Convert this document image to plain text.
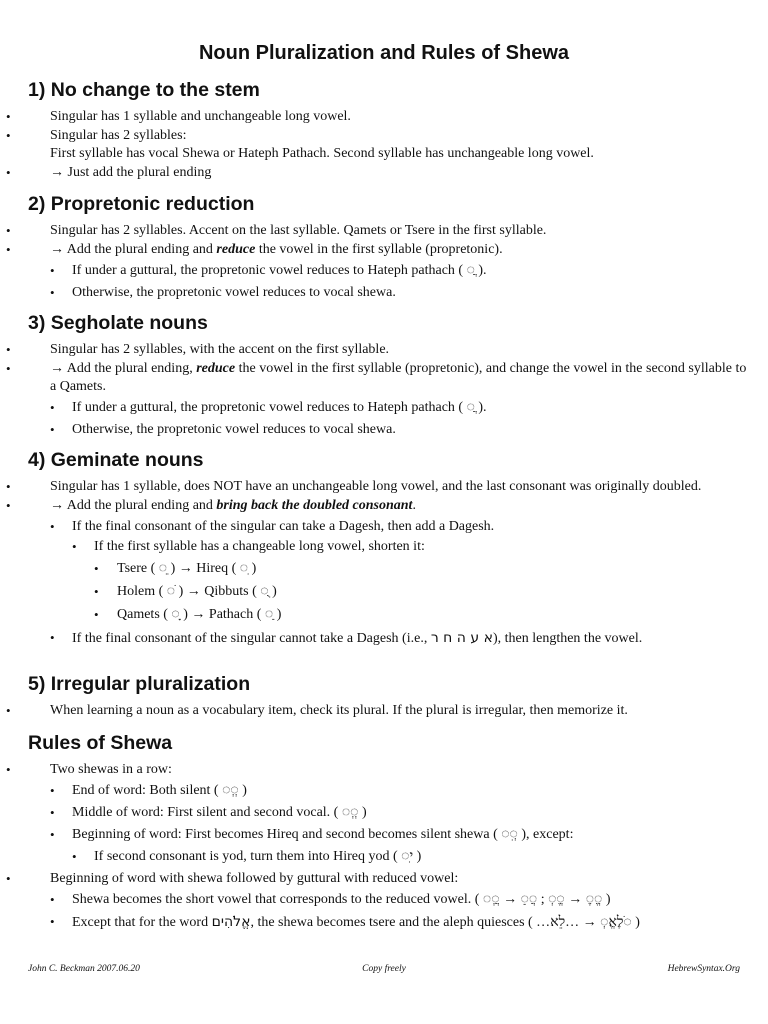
Noun Pluralization and Rules of Shewa
1) No change to the stem
• Singular has 1 syllable and unchangeable long vowel.
• Singular has 2 syllables:
First syllable has vocal Shewa or Hateph Pathach. Second syllable has unchangeable long vowel.
• → Just add the plural ending
2) Propretonic reduction
• Singular has 2 syllables. Accent on the last syllable. Qamets or Tsere in the first syllable.
• → Add the plural ending and reduce the vowel in the first syllable (propretonic).
• If under a guttural, the propretonic vowel reduces to Hateph pathach ( ◌ֲ ).
• Otherwise, the propretonic vowel reduces to vocal shewa.
3) Segholate nouns
• Singular has 2 syllables, with the accent on the first syllable.
• → Add the plural ending, reduce the vowel in the first syllable (propretonic), and change the vowel in the second syllable to a Qamets.
• If under a guttural, the propretonic vowel reduces to Hateph pathach ( ◌ֲ ).
• Otherwise, the propretonic vowel reduces to vocal shewa.
4) Geminate nouns
• Singular has 1 syllable, does NOT have an unchangeable long vowel, and the last consonant was originally doubled.
• → Add the plural ending and bring back the doubled consonant.
• If the final consonant of the singular can take a Dagesh, then add a Dagesh.
• If the first syllable has a changeable long vowel, shorten it:
• Tsere ( ◌ֵ ) → Hireq ( ◌ִ )
• Holem ( ◌ֹ ) → Qibbuts ( ◌ֻ )
• Qamets ( ◌ָ ) → Pathach ( ◌ַ )
• If the final consonant of the singular cannot take a Dagesh (i.e., א ע ה ח ר), then lengthen the vowel.
5) Irregular pluralization
• When learning a noun as a vocabulary item, check its plural. If the plural is irregular, then memorize it.
Rules of Shewa
• Two shewas in a row:
• End of word: Both silent ( ◌ְ◌ְ )
• Middle of word: First silent and second vocal. ( ◌ְ◌ְ )
• Beginning of word: First becomes Hireq and second becomes silent shewa ( ◌ִ◌ְ ), except:
• If second consonant is yod, turn them into Hireq yod ( ◌ִי )
• Beginning of word with shewa followed by guttural with reduced vowel:
• Shewa becomes the short vowel that corresponds to the reduced vowel. ( ◌ְ◌ֲ → ◌ַ◌ֲ ; ◌ְ◌ֱ → ◌ֶ◌ֱ )
• Except that for the word אֱלֹהִים, the shewa becomes tsere and the aleph quiesces ( …לֶאֱ◌ְ → …לֵא◌ֹ )
John C. Beckman 2007.06.20	Copy freely	HebrewSyntax.Org
